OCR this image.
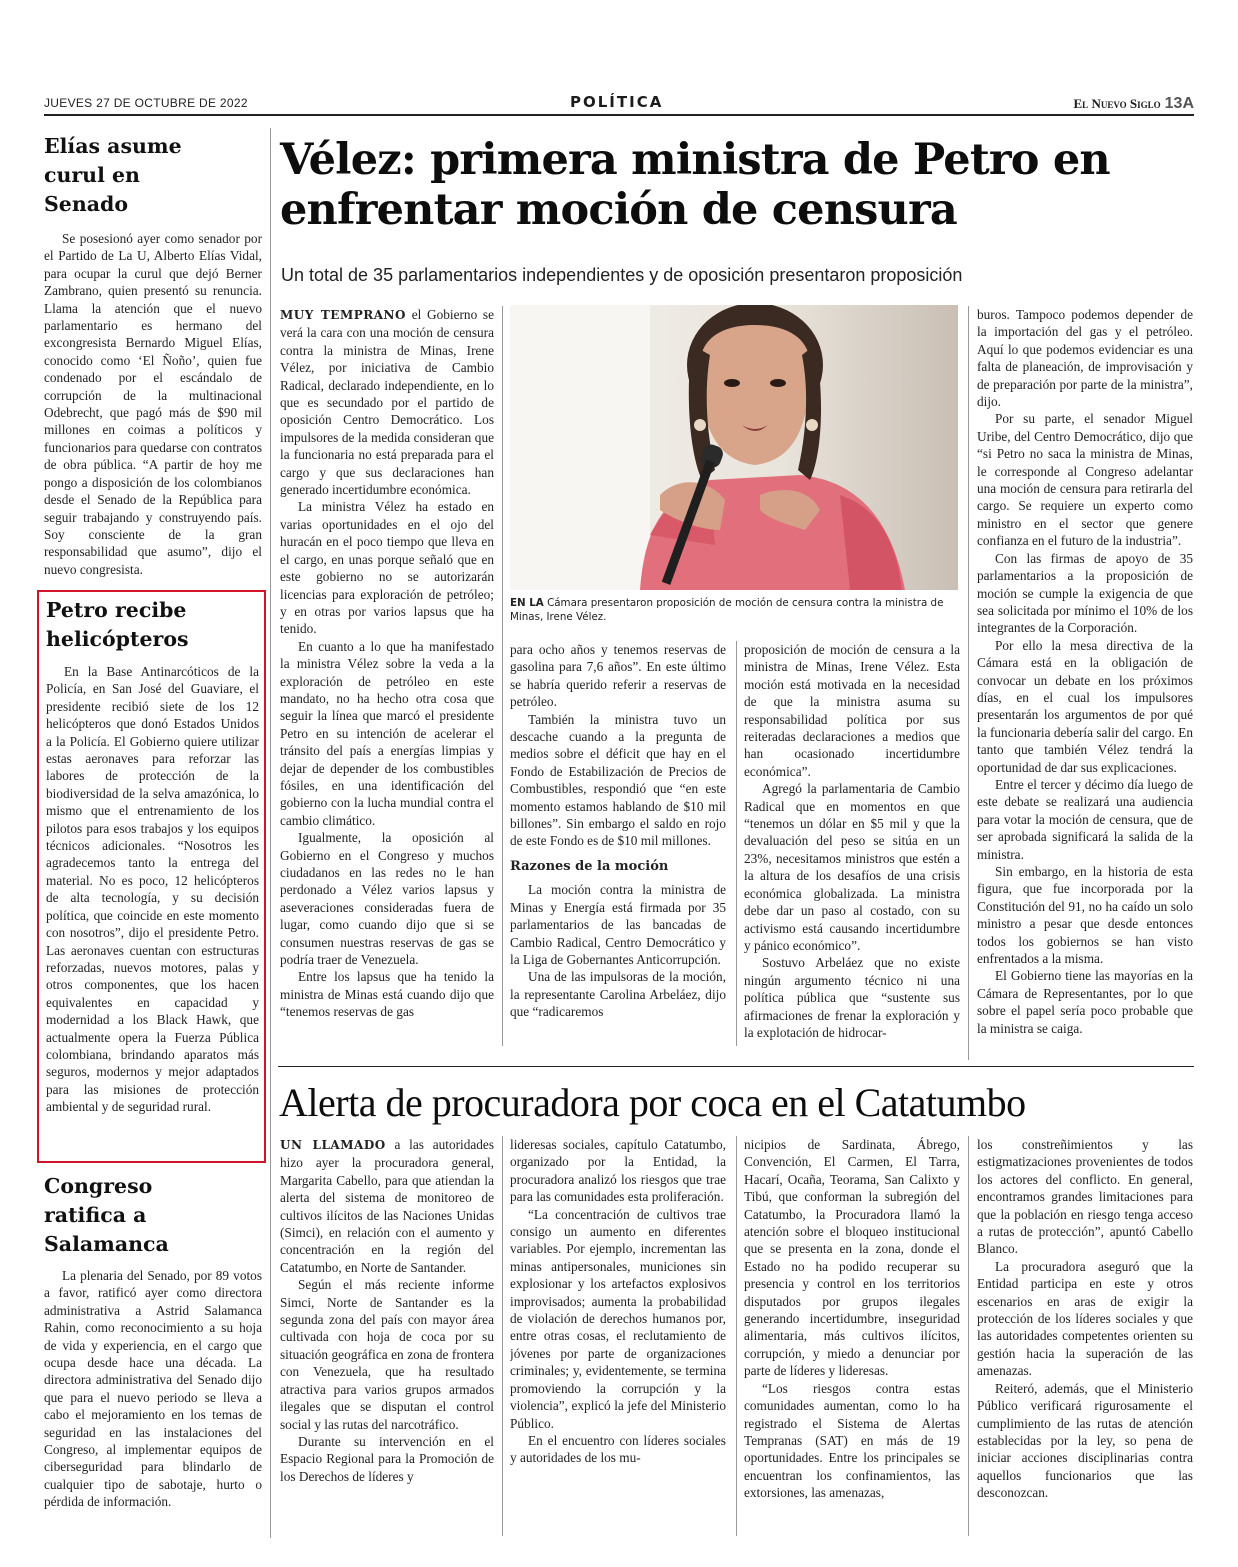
JUEVES 27 DE OCTUBRE DE 2022	POLÍTICA	El Nuevo Siglo 13A
Elías asume curul en Senado

Se posesionó ayer como senador por el Partido de La U, Alberto Elías Vidal, para ocupar la curul que dejó Berner Zambrano, quien presentó su renuncia. Llama la atención que el nuevo parlamentario es hermano del excongresista Bernardo Miguel Elías, conocido como ‘El Ñoño’, quien fue condenado por el escándalo de corrupción de la multinacional Odebrecht, que pagó más de $90 mil millones en coimas a políticos y funcionarios para quedarse con contratos de obra pública. “A partir de hoy me pongo a disposición de los colombianos desde el Senado de la República para seguir trabajando y construyendo país. Soy consciente de la gran responsabilidad que asumo”, dijo el nuevo congresista.

Petro recibe helicópteros

En la Base Antinarcóticos de la Policía, en San José del Guaviare, el presidente recibió siete de los 12 helicópteros que donó Estados Unidos a la Policía. El Gobierno quiere utilizar estas aeronaves para reforzar las labores de protección de la biodiversidad de la selva amazónica, lo mismo que el entrenamiento de los pilotos para esos trabajos y los equipos técnicos adicionales. “Nosotros les agradecemos tanto la entrega del material. No es poco, 12 helicópteros de alta tecnología, y su decisión política, que coincide en este momento con nosotros”, dijo el presidente Petro. Las aeronaves cuentan con estructuras reforzadas, nuevos motores, palas y otros componentes, que los hacen equivalentes en capacidad y modernidad a los Black Hawk, que actualmente opera la Fuerza Pública colombiana, brindando aparatos más seguros, modernos y mejor adaptados para las misiones de protección ambiental y de seguridad rural.

Congreso ratifica a Salamanca

La plenaria del Senado, por 89 votos a favor, ratificó ayer como directora administrativa a Astrid Salamanca Rahin, como reconocimiento a su hoja de vida y experiencia, en el cargo que ocupa desde hace una década. La directora administrativa del Senado dijo que para el nuevo periodo se lleva a cabo el mejoramiento en los temas de seguridad en las instalaciones del Congreso, al implementar equipos de ciberseguridad para blindarlo de cualquier tipo de sabotaje, hurto o pérdida de información.

Vélez: primera ministra de Petro en enfrentar moción de censura
Un total de 35 parlamentarios independientes y de oposición presentaron proposición
EN LA Cámara presentaron proposición de moción de censura contra la ministra de Minas, Irene Vélez.

MUY TEMPRANO el Gobierno se verá la cara con una moción de censura contra la ministra de Minas, Irene Vélez, por iniciativa de Cambio Radical, declarado independiente, en lo que es secundado por el partido de oposición Centro Democrático. Los impulsores de la medida consideran que la funcionaria no está preparada para el cargo y que sus declaraciones han generado incertidumbre económica.

La ministra Vélez ha estado en varias oportunidades en el ojo del huracán en el poco tiempo que lleva en el cargo, en unas porque señaló que en este gobierno no se autorizarán licencias para exploración de petróleo; y en otras por varios lapsus que ha tenido.

En cuanto a lo que ha manifestado la ministra Vélez sobre la veda a la exploración de petróleo en este mandato, no ha hecho otra cosa que seguir la línea que marcó el presidente Petro en su intención de acelerar el tránsito del país a energías limpias y dejar de depender de los combustibles fósiles, en una identificación del gobierno con la lucha mundial contra el cambio climático.

Igualmente, la oposición al Gobierno en el Congreso y muchos ciudadanos en las redes no le han perdonado a Vélez varios lapsus y aseveraciones consideradas fuera de lugar, como cuando dijo que si se consumen nuestras reservas de gas se podría traer de Venezuela.

Entre los lapsus que ha tenido la ministra de Minas está cuando dijo que “tenemos reservas de gas

para ocho años y tenemos reservas de gasolina para 7,6 años”. En este último se habría querido referir a reservas de petróleo.

También la ministra tuvo un descache cuando a la pregunta de medios sobre el déficit que hay en el Fondo de Estabilización de Precios de Combustibles, respondió que “en este momento estamos hablando de $10 mil billones”. Sin embargo el saldo en rojo de este Fondo es de $10 mil millones.

Razones de la moción

La moción contra la ministra de Minas y Energía está firmada por 35 parlamentarios de las bancadas de Cambio Radical, Centro Democrático y la Liga de Gobernantes Anticorrupción.

Una de las impulsoras de la moción, la representante Carolina Arbeláez, dijo que “radicaremos

proposición de moción de censura a la ministra de Minas, Irene Vélez. Esta moción está motivada en la necesidad de que la ministra asuma su responsabilidad política por sus reiteradas declaraciones a medios que han ocasionado incertidumbre económica”.

Agregó la parlamentaria de Cambio Radical que en momentos en que “tenemos un dólar en $5 mil y que la devaluación del peso se sitúa en un 23%, necesitamos ministros que estén a la altura de los desafíos de una crisis económica globalizada. La ministra debe dar un paso al costado, con su activismo está causando incertidumbre y pánico económico”.

Sostuvo Arbeláez que no existe ningún argumento técnico ni una política pública que “sustente sus afirmaciones de frenar la exploración y la explotación de hidrocar-

buros. Tampoco podemos depender de la importación del gas y el petróleo. Aquí lo que podemos evidenciar es una falta de planeación, de improvisación y de preparación por parte de la ministra”, dijo.

Por su parte, el senador Miguel Uribe, del Centro Democrático, dijo que “si Petro no saca la ministra de Minas, le corresponde al Congreso adelantar una moción de censura para retirarla del cargo. Se requiere un experto como ministro en el sector que genere confianza en el futuro de la industria”.

Con las firmas de apoyo de 35 parlamentarios a la proposición de moción se cumple la exigencia de que sea solicitada por mínimo el 10% de los integrantes de la Corporación.

Por ello la mesa directiva de la Cámara está en la obligación de convocar un debate en los próximos días, en el cual los impulsores presentarán los argumentos de por qué la funcionaria debería salir del cargo. En tanto que también Vélez tendrá la oportunidad de dar sus explicaciones.

Entre el tercer y décimo día luego de este debate se realizará una audiencia para votar la moción de censura, que de ser aprobada significará la salida de la ministra.

Sin embargo, en la historia de esta figura, que fue incorporada por la Constitución del 91, no ha caído un solo ministro a pesar que desde entonces todos los gobiernos se han visto enfrentados a la misma.

El Gobierno tiene las mayorías en la Cámara de Representantes, por lo que sobre el papel sería poco probable que la ministra se caiga.

Alerta de procuradora por coca en el Catatumbo

UN LLAMADO a las autoridades hizo ayer la procuradora general, Margarita Cabello, para que atiendan la alerta del sistema de monitoreo de cultivos ilícitos de las Naciones Unidas (Simci), en relación con el aumento y concentración en la región del Catatumbo, en Norte de Santander.

Según el más reciente informe Simci, Norte de Santander es la segunda zona del país con mayor área cultivada con hoja de coca por su situación geográfica en zona de frontera con Venezuela, que ha resultado atractiva para varios grupos armados ilegales que se disputan el control social y las rutas del narcotráfico.

Durante su intervención en el Espacio Regional para la Promoción de los Derechos de líderes y

lideresas sociales, capítulo Catatumbo, organizado por la Entidad, la procuradora analizó los riesgos que trae para las comunidades esta proliferación.

“La concentración de cultivos trae consigo un aumento en diferentes variables. Por ejemplo, incrementan las minas antipersonales, municiones sin explosionar y los artefactos explosivos improvisados; aumenta la probabilidad de violación de derechos humanos por, entre otras cosas, el reclutamiento de jóvenes por parte de organizaciones criminales; y, evidentemente, se termina promoviendo la corrupción y la violencia”, explicó la jefe del Ministerio Público.

En el encuentro con líderes sociales y autoridades de los mu-

nicipios de Sardinata, Ábrego, Convención, El Carmen, El Tarra, Hacarí, Ocaña, Teorama, San Calixto y Tibú, que conforman la subregión del Catatumbo, la Procuradora llamó la atención sobre el bloqueo institucional que se presenta en la zona, donde el Estado no ha podido recuperar su presencia y control en los territorios disputados por grupos ilegales generando incertidumbre, inseguridad alimentaria, más cultivos ilícitos, corrupción, y miedo a denunciar por parte de líderes y lideresas.

“Los riesgos contra estas comunidades aumentan, como lo ha registrado el Sistema de Alertas Tempranas (SAT) en más de 19 oportunidades. Entre los principales se encuentran los confinamientos, las extorsiones, las amenazas,

los constreñimientos y las estigmatizaciones provenientes de todos los actores del conflicto. En general, encontramos grandes limitaciones para que la población en riesgo tenga acceso a rutas de protección”, apuntó Cabello Blanco.

La procuradora aseguró que la Entidad participa en este y otros escenarios en aras de exigir la protección de los líderes sociales y que las autoridades competentes orienten su gestión hacia la superación de las amenazas.

Reiteró, además, que el Ministerio Público verificará rigurosamente el cumplimiento de las rutas de atención establecidas por la ley, so pena de iniciar acciones disciplinarias contra aquellos funcionarios que las desconozcan.
